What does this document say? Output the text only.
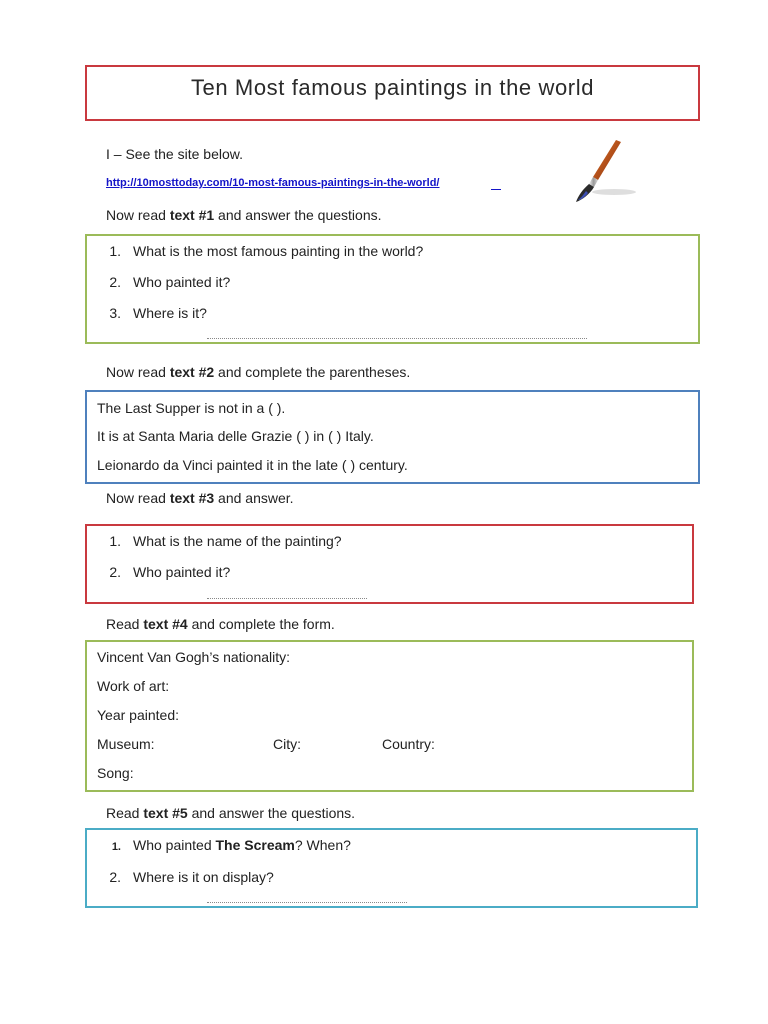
Ten Most famous paintings in the world
I – See the site below.
http://10mosttoday.com/10-most-famous-paintings-in-the-world/
Now read text #1 and answer the questions.
1. What is the most famous painting in the world?
2. Who painted it?
3. Where is it?
Now read text #2 and complete the parentheses.
The Last Supper is not in a ( ).
It is at Santa Maria delle Grazie ( ) in ( ) Italy.
Leionardo da Vinci painted it in the late ( ) century.
Now read text #3 and answer.
1. What is the name of the painting?
2. Who painted it?
Read text #4 and complete the form.
Vincent Van Gogh’s nationality:
Work of art:
Year painted:
Museum:	City:	Country:
Song:
Read text #5 and answer the questions.
1. Who painted The Scream? When?
2. Where is it on display?
